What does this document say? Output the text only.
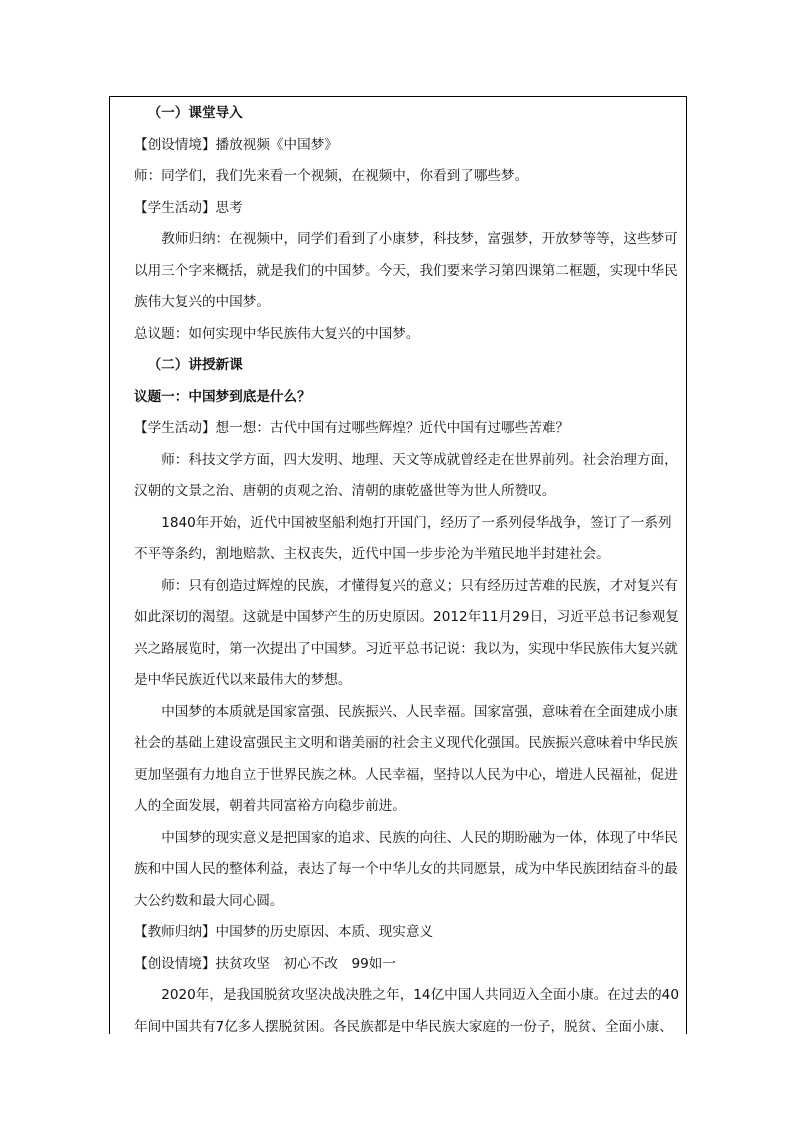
（一）课堂导入

【创设情境】播放视频《中国梦》

师：同学们，我们先来看一个视频，在视频中，你看到了哪些梦。

【学生活动】思考

教师归纳：在视频中，同学们看到了小康梦，科技梦，富强梦，开放梦等等，这些梦可以用三个字来概括，就是我们的中国梦。今天，我们要来学习第四课第二框题，实现中华民族伟大复兴的中国梦。

总议题：如何实现中华民族伟大复兴的中国梦。

（二）讲授新课

议题一：中国梦到底是什么？

【学生活动】想一想：古代中国有过哪些辉煌？近代中国有过哪些苦难？

师：科技文学方面，四大发明、地理、天文等成就曾经走在世界前列。社会治理方面，汉朝的文景之治、唐朝的贞观之治、清朝的康乾盛世等为世人所赞叹。

1840年开始，近代中国被坚船利炮打开国门，经历了一系列侵华战争，签订了一系列不平等条约，割地赔款、主权丧失，近代中国一步步沦为半殖民地半封建社会。

师：只有创造过辉煌的民族，才懂得复兴的意义；只有经历过苦难的民族，才对复兴有如此深切的渴望。这就是中国梦产生的历史原因。2012年11月29日，习近平总书记参观复兴之路展览时，第一次提出了中国梦。习近平总书记说：我以为，实现中华民族伟大复兴就是中华民族近代以来最伟大的梦想。

中国梦的本质就是国家富强、民族振兴、人民幸福。国家富强，意味着在全面建成小康社会的基础上建设富强民主文明和谐美丽的社会主义现代化强国。民族振兴意味着中华民族更加坚强有力地自立于世界民族之林。人民幸福，坚持以人民为中心，增进人民福祉，促进人的全面发展，朝着共同富裕方向稳步前进。

中国梦的现实意义是把国家的追求、民族的向往、人民的期盼融为一体，体现了中华民族和中国人民的整体利益，表达了每一个中华儿女的共同愿景，成为中华民族团结奋斗的最大公约数和最大同心圆。

【教师归纳】中国梦的历史原因、本质、现实意义

【创设情境】扶贫攻坚　初心不改　99如一

2020年，是我国脱贫攻坚决战决胜之年，14亿中国人共同迈入全面小康。在过去的40年间中国共有7亿多人摆脱贫困。各民族都是中华民族大家庭的一份子，脱贫、全面小康、
